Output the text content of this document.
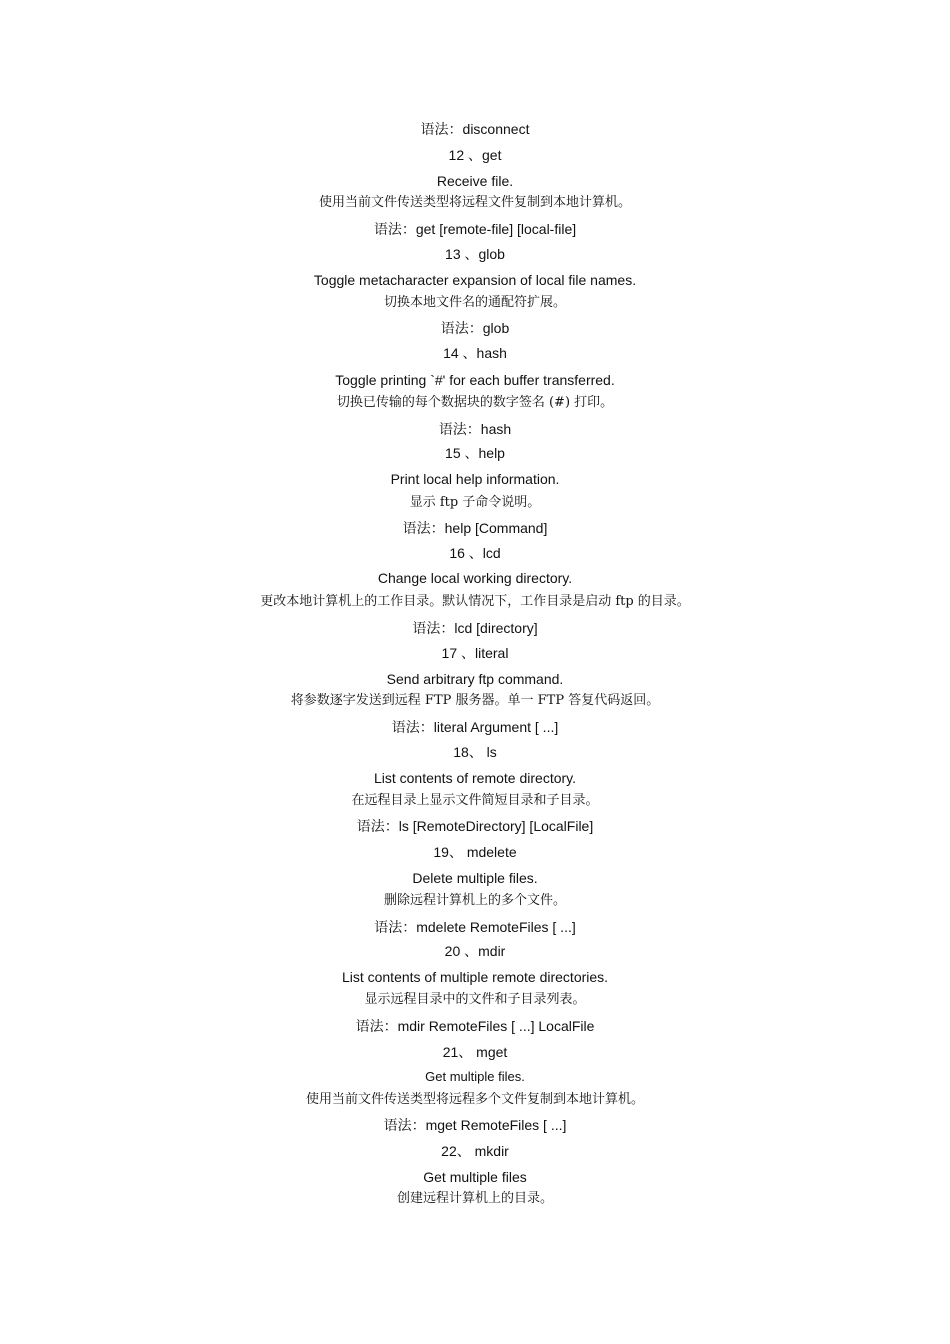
语法：disconnect
12 、get
Receive file.
使用当前文件传送类型将远程文件复制到本地计算机。
语法：get [remote-file] [local-file]
13 、glob
Toggle metacharacter expansion of local file names.
切换本地文件名的通配符扩展。
语法：glob
14 、hash
Toggle printing `#' for each buffer transferred.
切换已传输的每个数据块的数字签名 (#) 打印。
语法：hash
15 、help
Print local help information.
显示 ftp 子命令说明。
语法：help [Command]
16 、lcd
Change local working directory.
更改本地计算机上的工作目录。默认情况下，工作目录是启动 ftp 的目录。
语法：lcd [directory]
17 、literal
Send arbitrary ftp command.
将参数逐字发送到远程 FTP 服务器。单一 FTP 答复代码返回。
语法：literal Argument [ ...]
18、 ls
List contents of remote directory.
在远程目录上显示文件简短目录和子目录。
语法：ls [RemoteDirectory] [LocalFile]
19、 mdelete
Delete multiple files.
删除远程计算机上的多个文件。
语法：mdelete RemoteFiles [ ...]
20 、mdir
List contents of multiple remote directories.
显示远程目录中的文件和子目录列表。
语法：mdir RemoteFiles [ ...] LocalFile
21、 mget
Get multiple files.
使用当前文件传送类型将远程多个文件复制到本地计算机。
语法：mget RemoteFiles [ ...]
22、 mkdir
Get multiple files
创建远程计算机上的目录。
